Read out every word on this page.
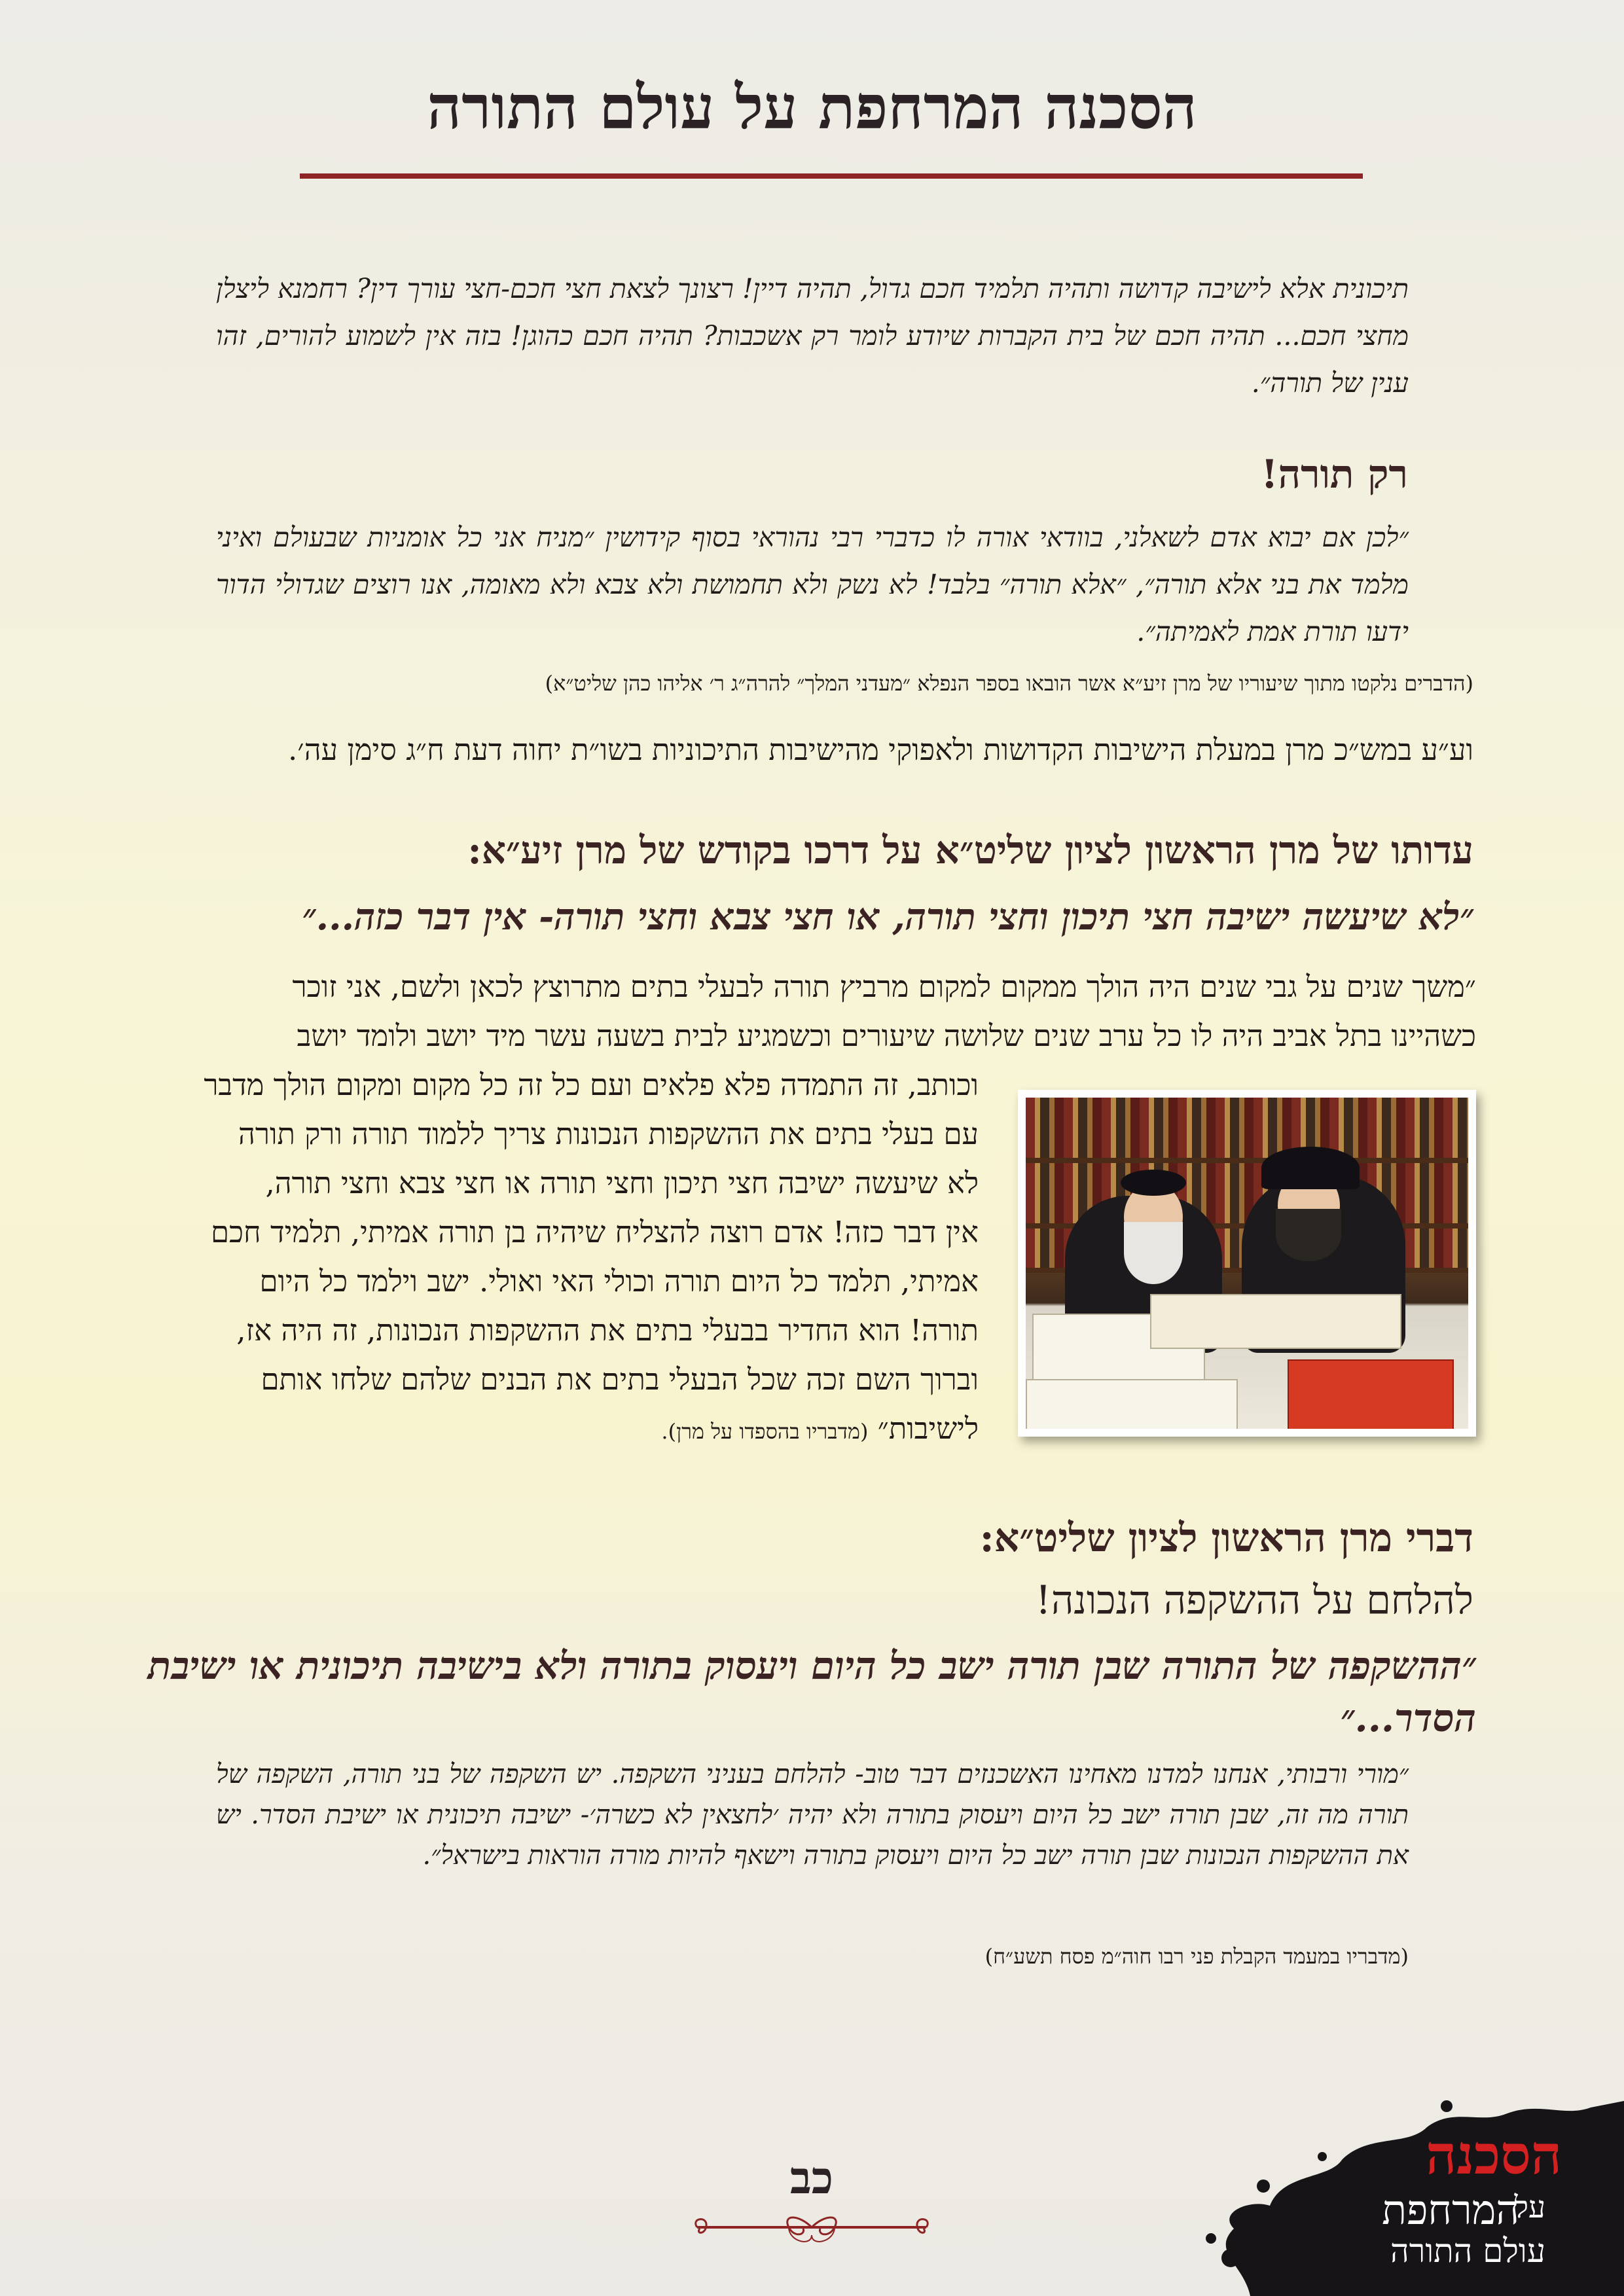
הסכנה המרחפת על עולם התורה

תיכונית אלא לישיבה קדושה ותהיה תלמיד חכם גדול, תהיה דיין! רצונך לצאת חצי חכם-חצי עורך דין? רחמנא ליצלן מחצי חכם... תהיה חכם של בית הקברות שיודע לומר רק אשכבות? תהיה חכם כהוגן! בזה אין לשמוע להורים, זהו ענין של תורה״.

רק תורה!

״לכן אם יבוא אדם לשאלני, בוודאי אורה לו כדברי רבי נהוראי בסוף קידושין ״מניח אני כל אומניות שבעולם ואיני מלמד את בני אלא תורה״, ״אלא תורה״ בלבד! לא נשק ולא תחמושת ולא צבא ולא מאומה, אנו רוצים שגדולי הדור ידעו תורת אמת לאמיתה״.

(הדברים נלקטו מתוך שיעוריו של מרן זיע״א אשר הובאו בספר הנפלא ״מעדני המלך״ להרה״ג ר׳ אליהו כהן שליט״א)

וע״ע במש״כ מרן במעלת הישיבות הקדושות ולאפוקי מהישיבות התיכוניות בשו״ת יחוה דעת ח״ג סימן עה׳.

עדותו של מרן הראשון לציון שליט״א על דרכו בקודש של מרן זיע״א:
״לא שיעשה ישיבה חצי תיכון וחצי תורה, או חצי צבא וחצי תורה- אין דבר כזה...״
״משך שנים על גבי שנים היה הולך ממקום למקום מרביץ תורה לבעלי בתים מתרוצץ לכאן ולשם, אני זוכר
כשהיינו בתל אביב היה לו כל ערב שנים שלושה שיעורים וכשמגיע לבית בשעה עשר מיד יושב ולומד יושב
וכותב, זה התמדה פלא פלאים ועם כל זה כל מקום ומקום הולך מדבר
עם בעלי בתים את ההשקפות הנכונות צריך ללמוד תורה ורק תורה
לא שיעשה ישיבה חצי תיכון וחצי תורה או חצי צבא וחצי תורה,
אין דבר כזה! אדם רוצה להצליח שיהיה בן תורה אמיתי, תלמיד חכם
אמיתי, תלמד כל היום תורה וכולי האי ואולי. ישב וילמד כל היום
תורה! הוא החדיר בבעלי בתים את ההשקפות הנכונות, זה היה אז,
וברוך השם זכה שכל הבעלי בתים את הבנים שלהם שלחו אותם
לישיבות״ (מדבריו בהספדו על מרן).
דברי מרן הראשון לציון שליט״א:
להלחם על ההשקפה הנכונה!

״ההשקפה של התורה שבן תורה ישב כל היום ויעסוק בתורה ולא בישיבה תיכונית או ישיבת הסדר...״

״מורי ורבותי, אנחנו למדנו מאחינו האשכנזים דבר טוב- להלחם בעניני השקפה. יש השקפה של בני תורה, השקפה של תורה מה זה, שבן תורה ישב כל היום ויעסוק בתורה ולא יהיה ׳לחצאין לא כשרה׳- ישיבה תיכונית או ישיבת הסדר. יש את ההשקפות הנכונות שבן תורה ישב כל היום ויעסוק בתורה וישאף להיות מורה הוראות בישראל״.

(מדבריו במעמד הקבלת פני רבו חוה״מ פסח תשע״ח)

כב	הסכנה
על
המרחפת
עולם התורה
